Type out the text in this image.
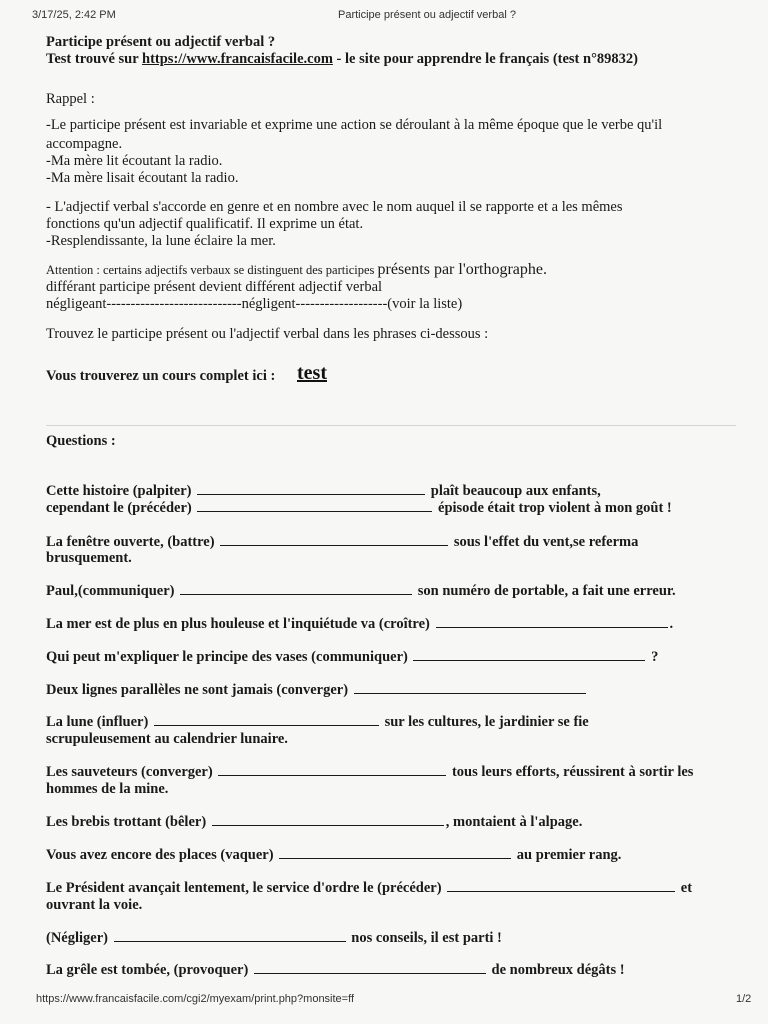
3/17/25, 2:42 PM	Participe présent ou adjectif verbal ?
Participe présent ou adjectif verbal ?
Test trouvé sur https://www.francaisfacile.com - le site pour apprendre le français (test n°89832)
Rappel :
-Le participe présent est invariable et exprime une action se déroulant à la même époque que le verbe qu'il
accompagne.
-Ma mère lit écoutant la radio.
-Ma mère lisait écoutant la radio.
- L'adjectif verbal s'accorde en genre et en nombre avec le nom auquel il se rapporte et a les mêmes
fonctions qu'un adjectif qualificatif. Il exprime un état.
-Resplendissante, la lune éclaire la mer.
Attention : certains adjectifs verbaux se distinguent des participes présents par l'orthographe.
différant participe présent devient différent adjectif verbal
négligeant----------------------------négligent-------------------(voir la liste)
Trouvez le participe présent ou l'adjectif verbal dans les phrases ci-dessous :
Vous trouverez un cours complet ici : test
Questions :
Cette histoire (palpiter)	plaît beaucoup aux enfants,
cependant le (précéder)	épisode était trop violent à mon goût !
La fenêtre ouverte, (battre)	sous l'effet du vent,se referma
brusquement.
Paul,(communiquer)	son numéro de portable, a fait une erreur.
La mer est de plus en plus houleuse et l'inquiétude va (croître)	.
Qui peut m'expliquer le principe des vases (communiquer)	?
Deux lignes parallèles ne sont jamais (converger)
La lune (influer)	sur les cultures, le jardinier se fie
scrupuleusement au calendrier lunaire.
Les sauveteurs (converger)	tous leurs efforts, réussirent à sortir les
hommes de la mine.
Les brebis trottant (bêler)	, montaient à l'alpage.
Vous avez encore des places (vaquer)	au premier rang.
Le Président avançait lentement, le service d'ordre le (précéder)	et
ouvrant la voie.
(Négliger)	nos conseils, il est parti !
La grêle est tombée, (provoquer)	de nombreux dégâts !
https://www.francaisfacile.com/cgi2/myexam/print.php?monsite=ff	1/2
